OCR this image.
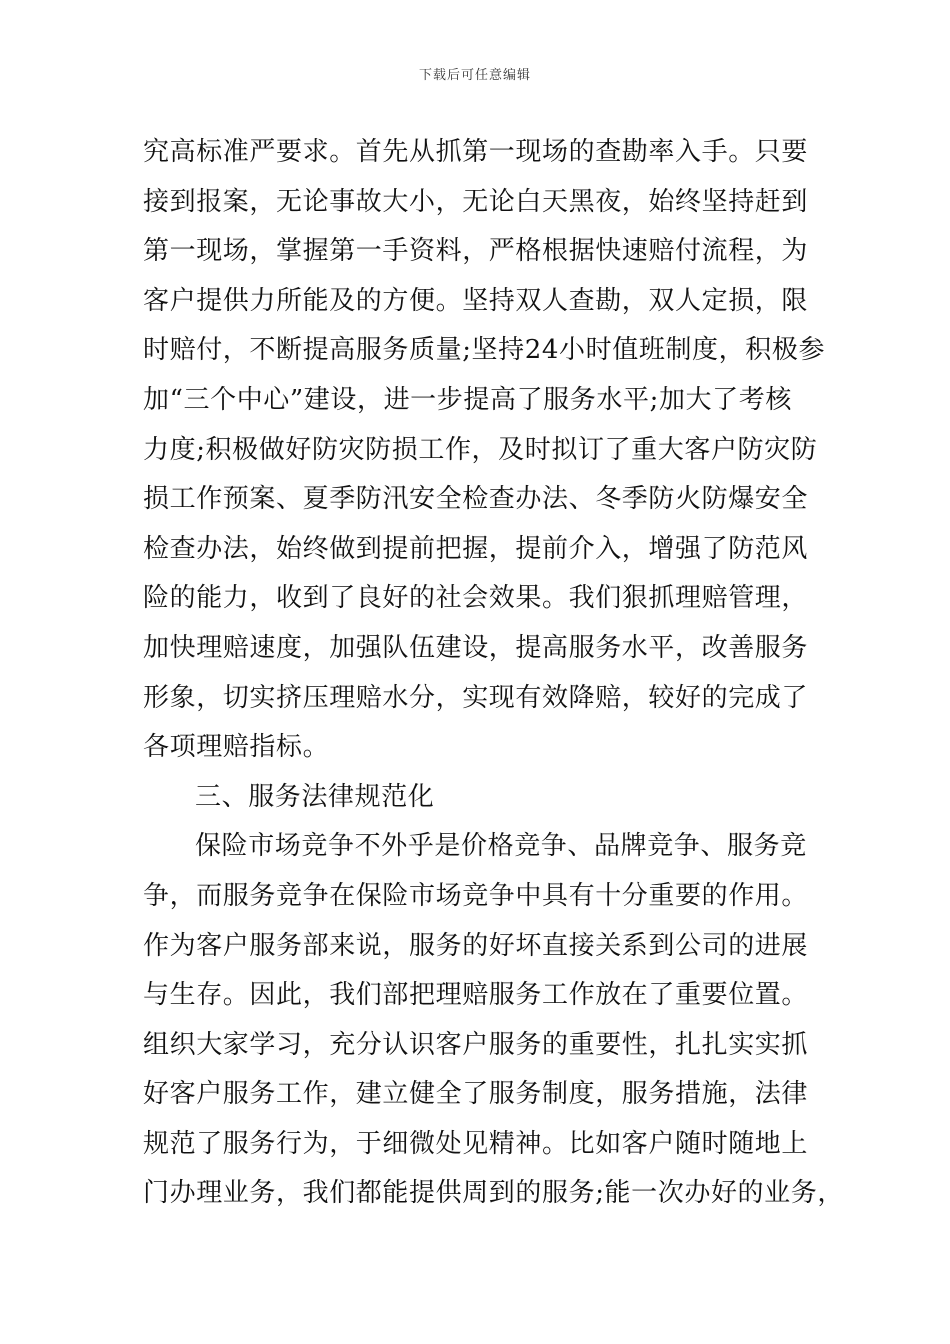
下载后可任意编辑
究高标准严要求。首先从抓第一现场的查勘率入手。只要
接到报案，无论事故大小，无论白天黑夜，始终坚持赶到
第一现场，掌握第一手资料，严格根据快速赔付流程，为
客户提供力所能及的方便。坚持双人查勘，双人定损，限
时赔付，不断提高服务质量;坚持24小时值班制度，积极参
加“三个中心”建设，进一步提高了服务水平;加大了考核
力度;积极做好防灾防损工作，及时拟订了重大客户防灾防
损工作预案、夏季防汛安全检查办法、冬季防火防爆安全
检查办法，始终做到提前把握，提前介入，增强了防范风
险的能力，收到了良好的社会效果。我们狠抓理赔管理，
加快理赔速度，加强队伍建设，提高服务水平，改善服务
形象，切实挤压理赔水分，实现有效降赔，较好的完成了
各项理赔指标。
三、服务法律规范化
保险市场竞争不外乎是价格竞争、品牌竞争、服务竞
争，而服务竞争在保险市场竞争中具有十分重要的作用。
作为客户服务部来说，服务的好坏直接关系到公司的进展
与生存。因此，我们部把理赔服务工作放在了重要位置。
组织大家学习，充分认识客户服务的重要性，扎扎实实抓
好客户服务工作，建立健全了服务制度，服务措施，法律
规范了服务行为，于细微处见精神。比如客户随时随地上
门办理业务，我们都能提供周到的服务;能一次办好的业务，
